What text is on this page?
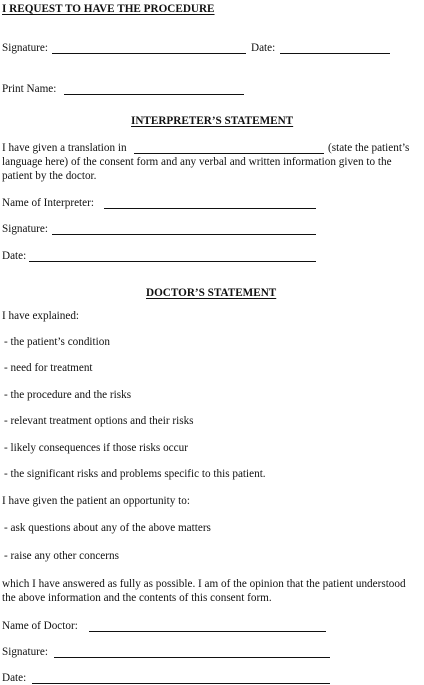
I REQUEST TO HAVE THE PROCEDURE
Signature:	Date:
Print Name:
INTERPRETER’S STATEMENT
I have given a translation in	(state the patient’s
language here) of the consent form and any verbal and written information given to the
patient by the doctor.
Name of Interpreter:
Signature:
Date:
DOCTOR’S STATEMENT
I have explained:
- the patient’s condition
- need for treatment
- the procedure and the risks
- relevant treatment options and their risks
- likely consequences if those risks occur
- the significant risks and problems specific to this patient.
I have given the patient an opportunity to:
- ask questions about any of the above matters
- raise any other concerns
which I have answered as fully as possible. I am of the opinion that the patient understood
the above information and the contents of this consent form.
Name of Doctor:
Signature:
Date:
